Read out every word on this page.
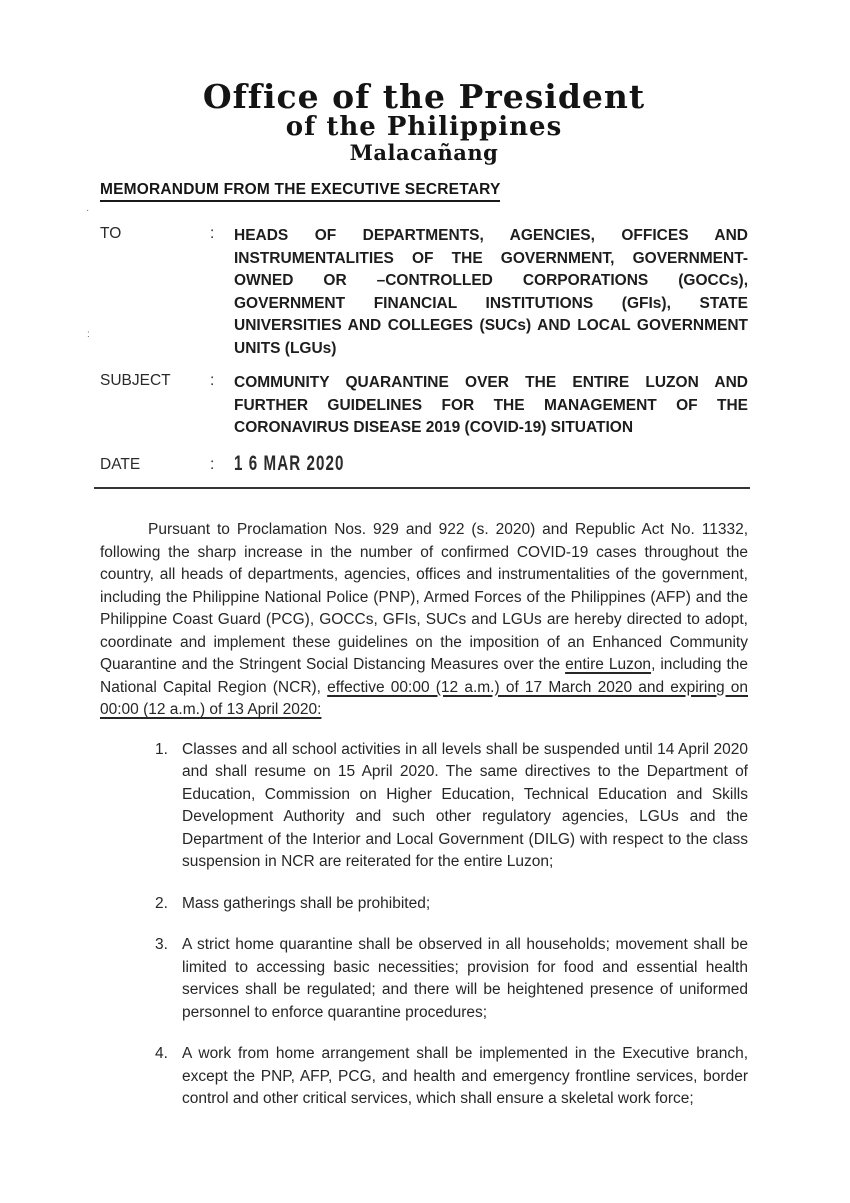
·
:
Office of the President
of the Philippines
Malacañang
MEMORANDUM FROM THE EXECUTIVE SECRETARY
TO	:	HEADS OF DEPARTMENTS, AGENCIES, OFFICES AND INSTRUMENTALITIES OF THE GOVERNMENT, GOVERNMENT-OWNED OR –CONTROLLED CORPORATIONS (GOCCs), GOVERNMENT FINANCIAL INSTITUTIONS (GFIs), STATE UNIVERSITIES AND COLLEGES (SUCs) AND LOCAL GOVERNMENT UNITS (LGUs)
SUBJECT	:	COMMUNITY QUARANTINE OVER THE ENTIRE LUZON AND FURTHER GUIDELINES FOR THE MANAGEMENT OF THE CORONAVIRUS DISEASE 2019 (COVID-19) SITUATION
DATE	: 1 6 MAR 2020

Pursuant to Proclamation Nos. 929 and 922 (s. 2020) and Republic Act No. 11332, following the sharp increase in the number of confirmed COVID-19 cases throughout the country, all heads of departments, agencies, offices and instrumentalities of the government, including the Philippine National Police (PNP), Armed Forces of the Philippines (AFP) and the Philippine Coast Guard (PCG), GOCCs, GFIs, SUCs and LGUs are hereby directed to adopt, coordinate and implement these guidelines on the imposition of an Enhanced Community Quarantine and the Stringent Social Distancing Measures over the entire Luzon, including the National Capital Region (NCR), effective 00:00 (12 a.m.) of 17 March 2020 and expiring on 00:00 (12 a.m.) of 13 April 2020:

1. Classes and all school activities in all levels shall be suspended until 14 April 2020 and shall resume on 15 April 2020. The same directives to the Department of Education, Commission on Higher Education, Technical Education and Skills Development Authority and such other regulatory agencies, LGUs and the Department of the Interior and Local Government (DILG) with respect to the class suspension in NCR are reiterated for the entire Luzon;
2. Mass gatherings shall be prohibited;
3. A strict home quarantine shall be observed in all households; movement shall be limited to accessing basic necessities; provision for food and essential health services shall be regulated; and there will be heightened presence of uniformed personnel to enforce quarantine procedures;
4. A work from home arrangement shall be implemented in the Executive branch, except the PNP, AFP, PCG, and health and emergency frontline services, border control and other critical services, which shall ensure a skeletal work force;
